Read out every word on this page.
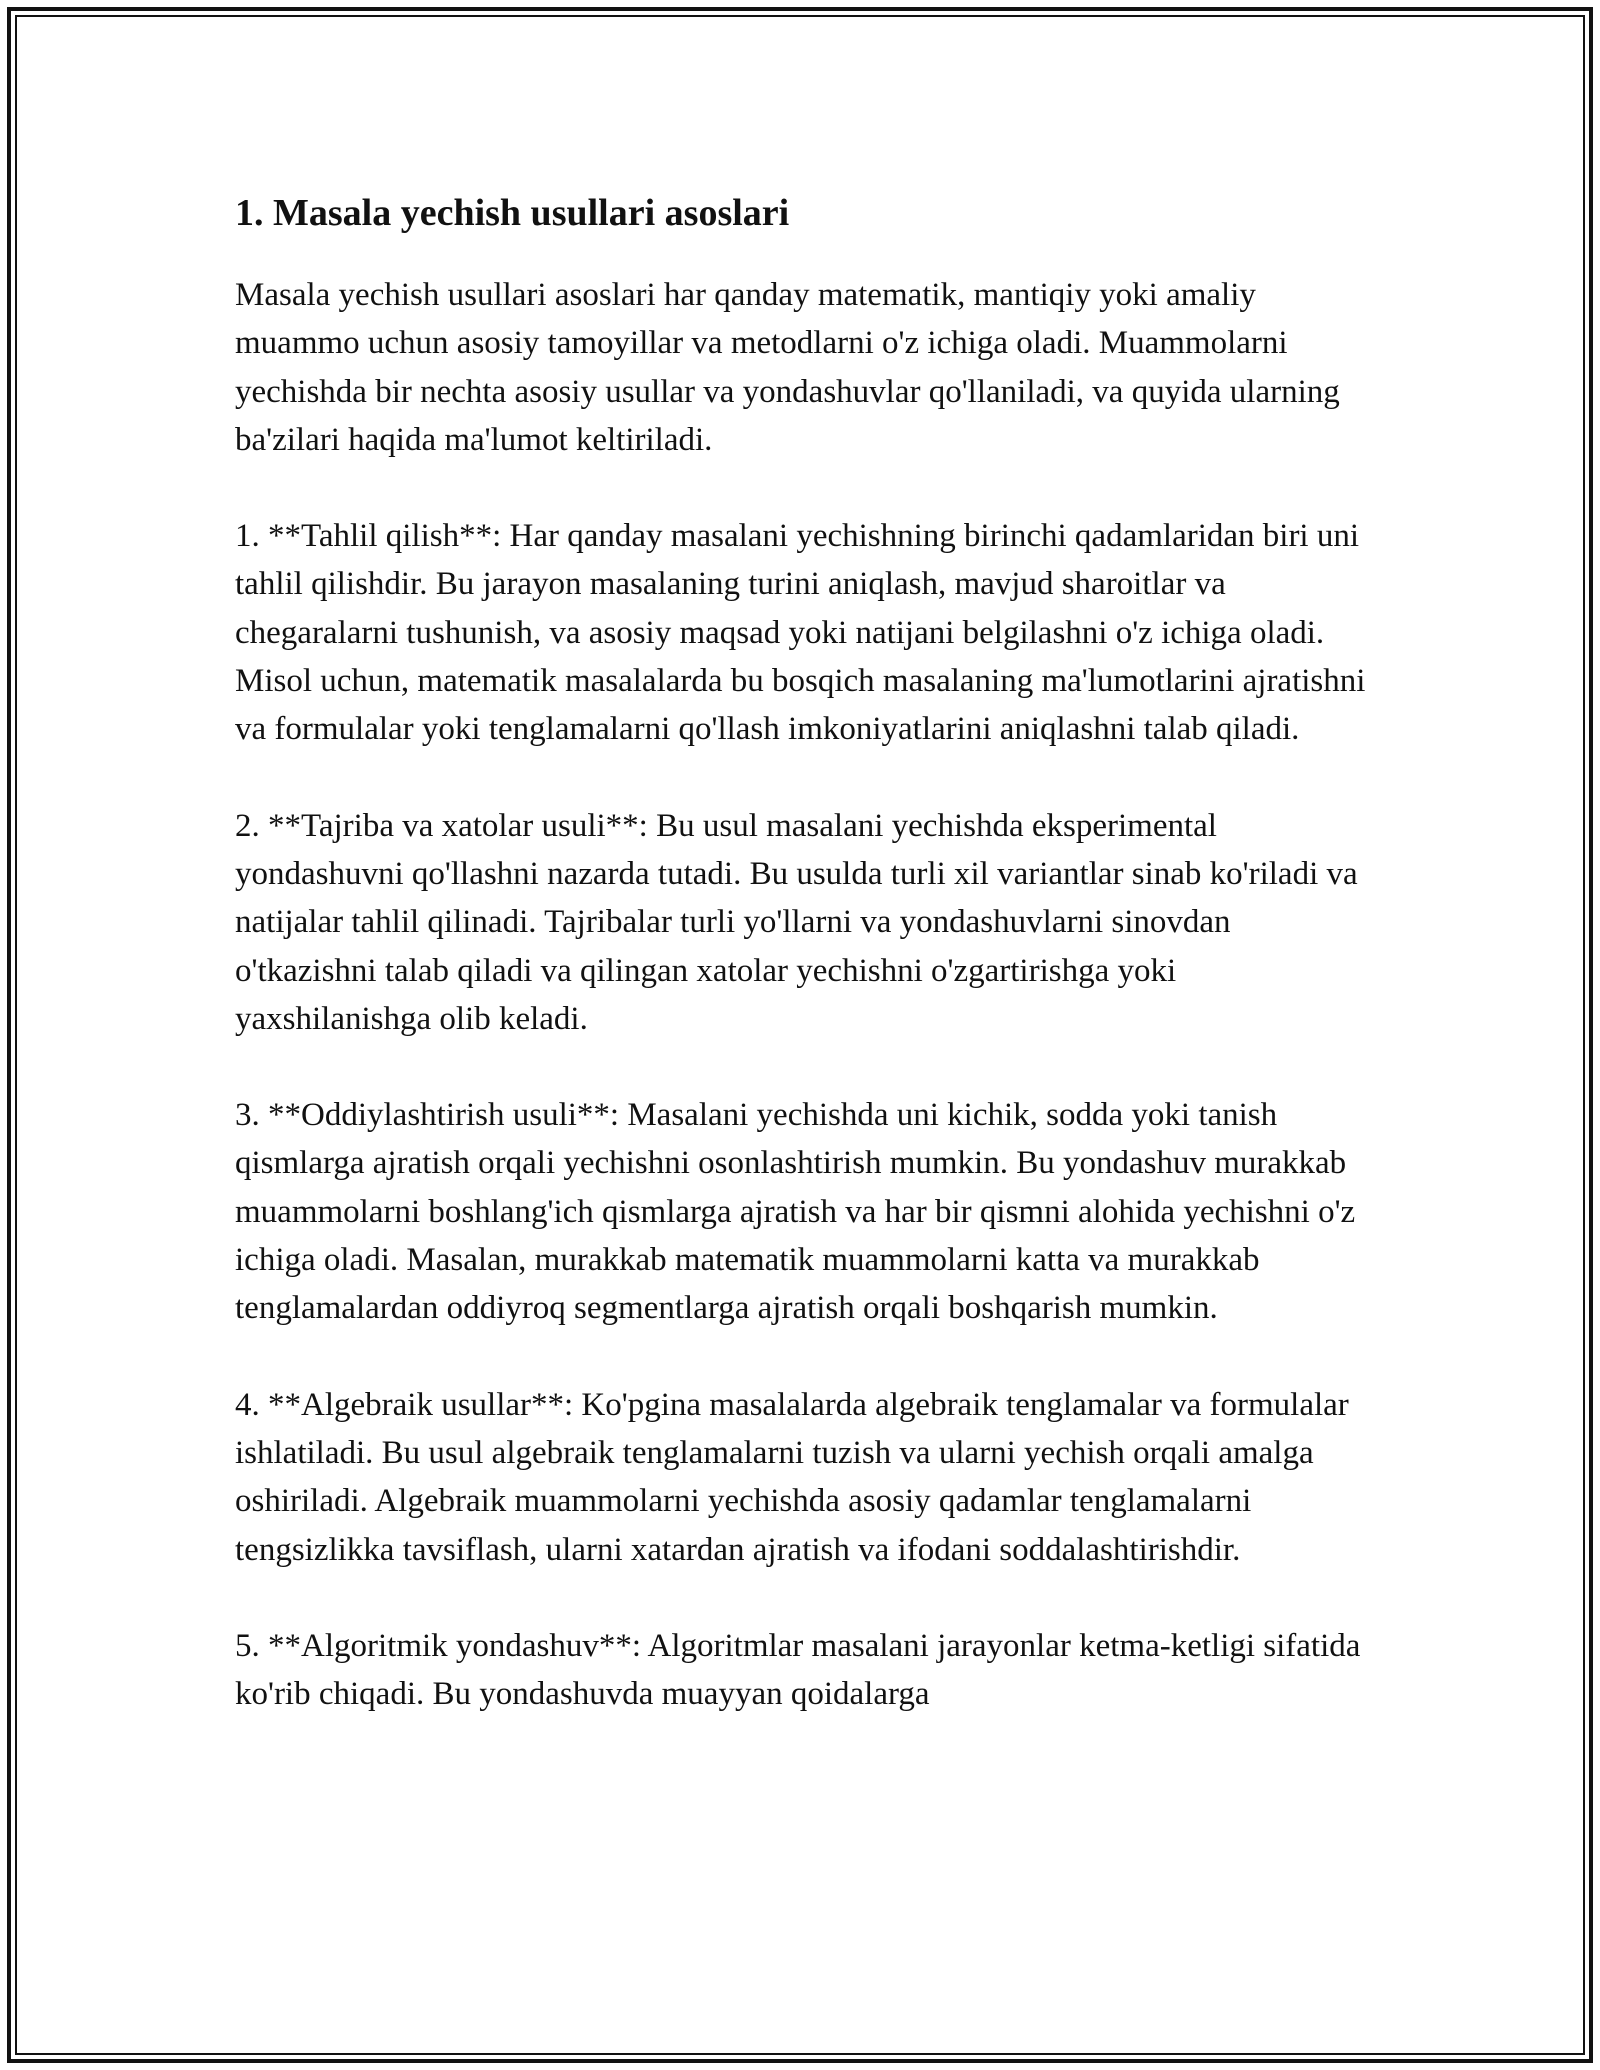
1. Masala yechish usullari asoslari

Masala yechish usullari asoslari har qanday matematik, mantiqiy yoki amaliy muammo uchun asosiy tamoyillar va metodlarni o'z ichiga oladi. Muammolarni yechishda bir nechta asosiy usullar va yondashuvlar qo'llaniladi, va quyida ularning ba'zilari haqida ma'lumot keltiriladi.

1. **Tahlil qilish**: Har qanday masalani yechishning birinchi qadamlaridan biri uni tahlil qilishdir. Bu jarayon masalaning turini aniqlash, mavjud sharoitlar va chegaralarni tushunish, va asosiy maqsad yoki natijani belgilashni o'z ichiga oladi. Misol uchun, matematik masalalarda bu bosqich masalaning ma'lumotlarini ajratishni va formulalar yoki tenglamalarni qo'llash imkoniyatlarini aniqlashni talab qiladi.

2. **Tajriba va xatolar usuli**: Bu usul masalani yechishda eksperimental yondashuvni qo'llashni nazarda tutadi. Bu usulda turli xil variantlar sinab ko'riladi va natijalar tahlil qilinadi. Tajribalar turli yo'llarni va yondashuvlarni sinovdan o'tkazishni talab qiladi va qilingan xatolar yechishni o'zgartirishga yoki yaxshilanishga olib keladi.

3. **Oddiylashtirish usuli**: Masalani yechishda uni kichik, sodda yoki tanish qismlarga ajratish orqali yechishni osonlashtirish mumkin. Bu yondashuv murakkab muammolarni boshlang'ich qismlarga ajratish va har bir qismni alohida yechishni o'z ichiga oladi. Masalan, murakkab matematik muammolarni katta va murakkab tenglamalardan oddiyroq segmentlarga ajratish orqali boshqarish mumkin.

4. **Algebraik usullar**: Ko'pgina masalalarda algebraik tenglamalar va formulalar ishlatiladi. Bu usul algebraik tenglamalarni tuzish va ularni yechish orqali amalga oshiriladi. Algebraik muammolarni yechishda asosiy qadamlar tenglamalarni tengsizlikka tavsiflash, ularni xatardan ajratish va ifodani soddalashtirishdir.

5. **Algoritmik yondashuv**: Algoritmlar masalani jarayonlar ketma-ketligi sifatida ko'rib chiqadi. Bu yondashuvda muayyan qoidalarga
